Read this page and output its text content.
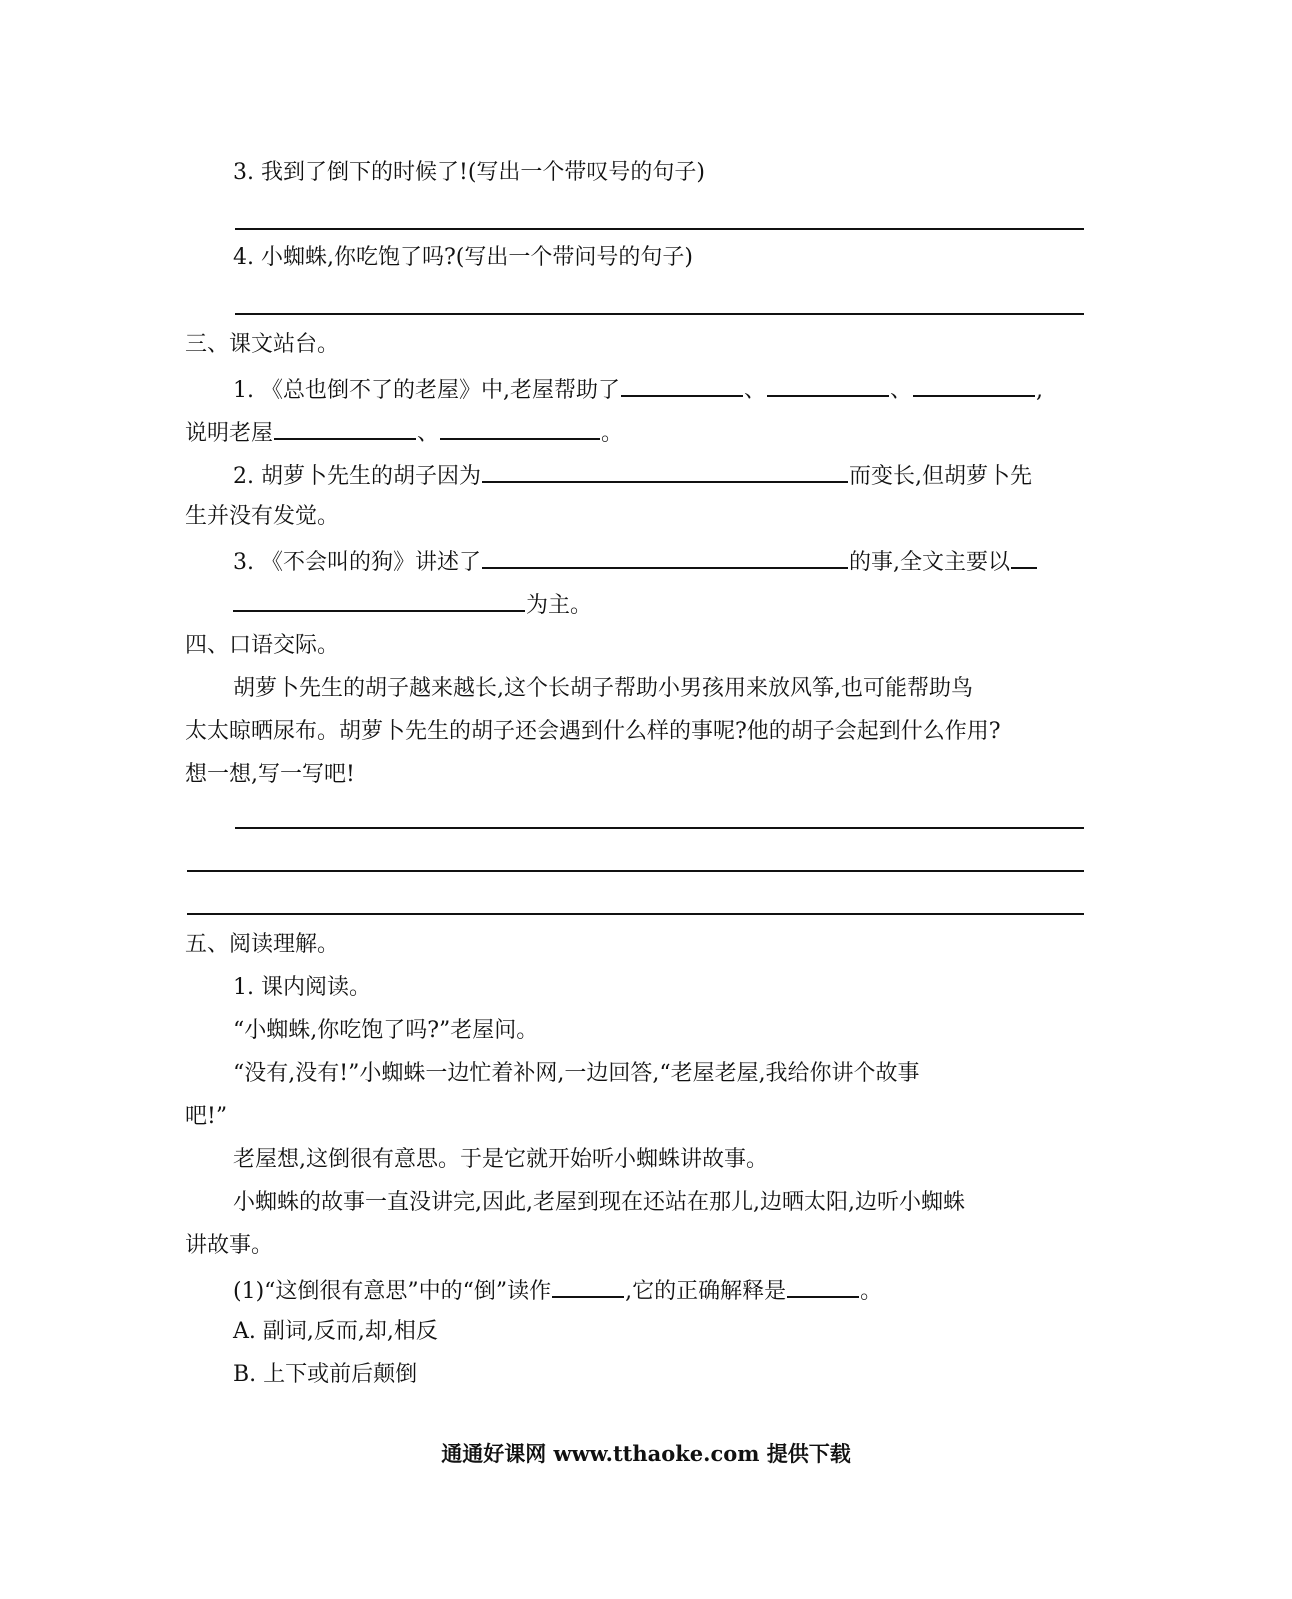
3. 我到了倒下的时候了!(写出一个带叹号的句子)
4. 小蜘蛛,你吃饱了吗?(写出一个带问号的句子)
三、课文站台。
1. 《总也倒不了的老屋》中,老屋帮助了	、	、	,
说明老屋	、	。
2. 胡萝卜先生的胡子因为	而变长,但胡萝卜先
生并没有发觉。
3. 《不会叫的狗》讲述了	的事,全文主要以
为主。
四、口语交际。
胡萝卜先生的胡子越来越长,这个长胡子帮助小男孩用来放风筝,也可能帮助鸟
太太晾晒尿布。胡萝卜先生的胡子还会遇到什么样的事呢?他的胡子会起到什么作用?
想一想,写一写吧!
五、阅读理解。
1. 课内阅读。
“小蜘蛛,你吃饱了吗?”老屋问。
“没有,没有!”小蜘蛛一边忙着补网,一边回答,“老屋老屋,我给你讲个故事
吧!”
老屋想,这倒很有意思。于是它就开始听小蜘蛛讲故事。
小蜘蛛的故事一直没讲完,因此,老屋到现在还站在那儿,边晒太阳,边听小蜘蛛
讲故事。
(1)“这倒很有意思”中的“倒”读作	,它的正确解释是	。
A. 副词,反而,却,相反
B. 上下或前后颠倒
通通好课网 www.tthaoke.com 提供下载
